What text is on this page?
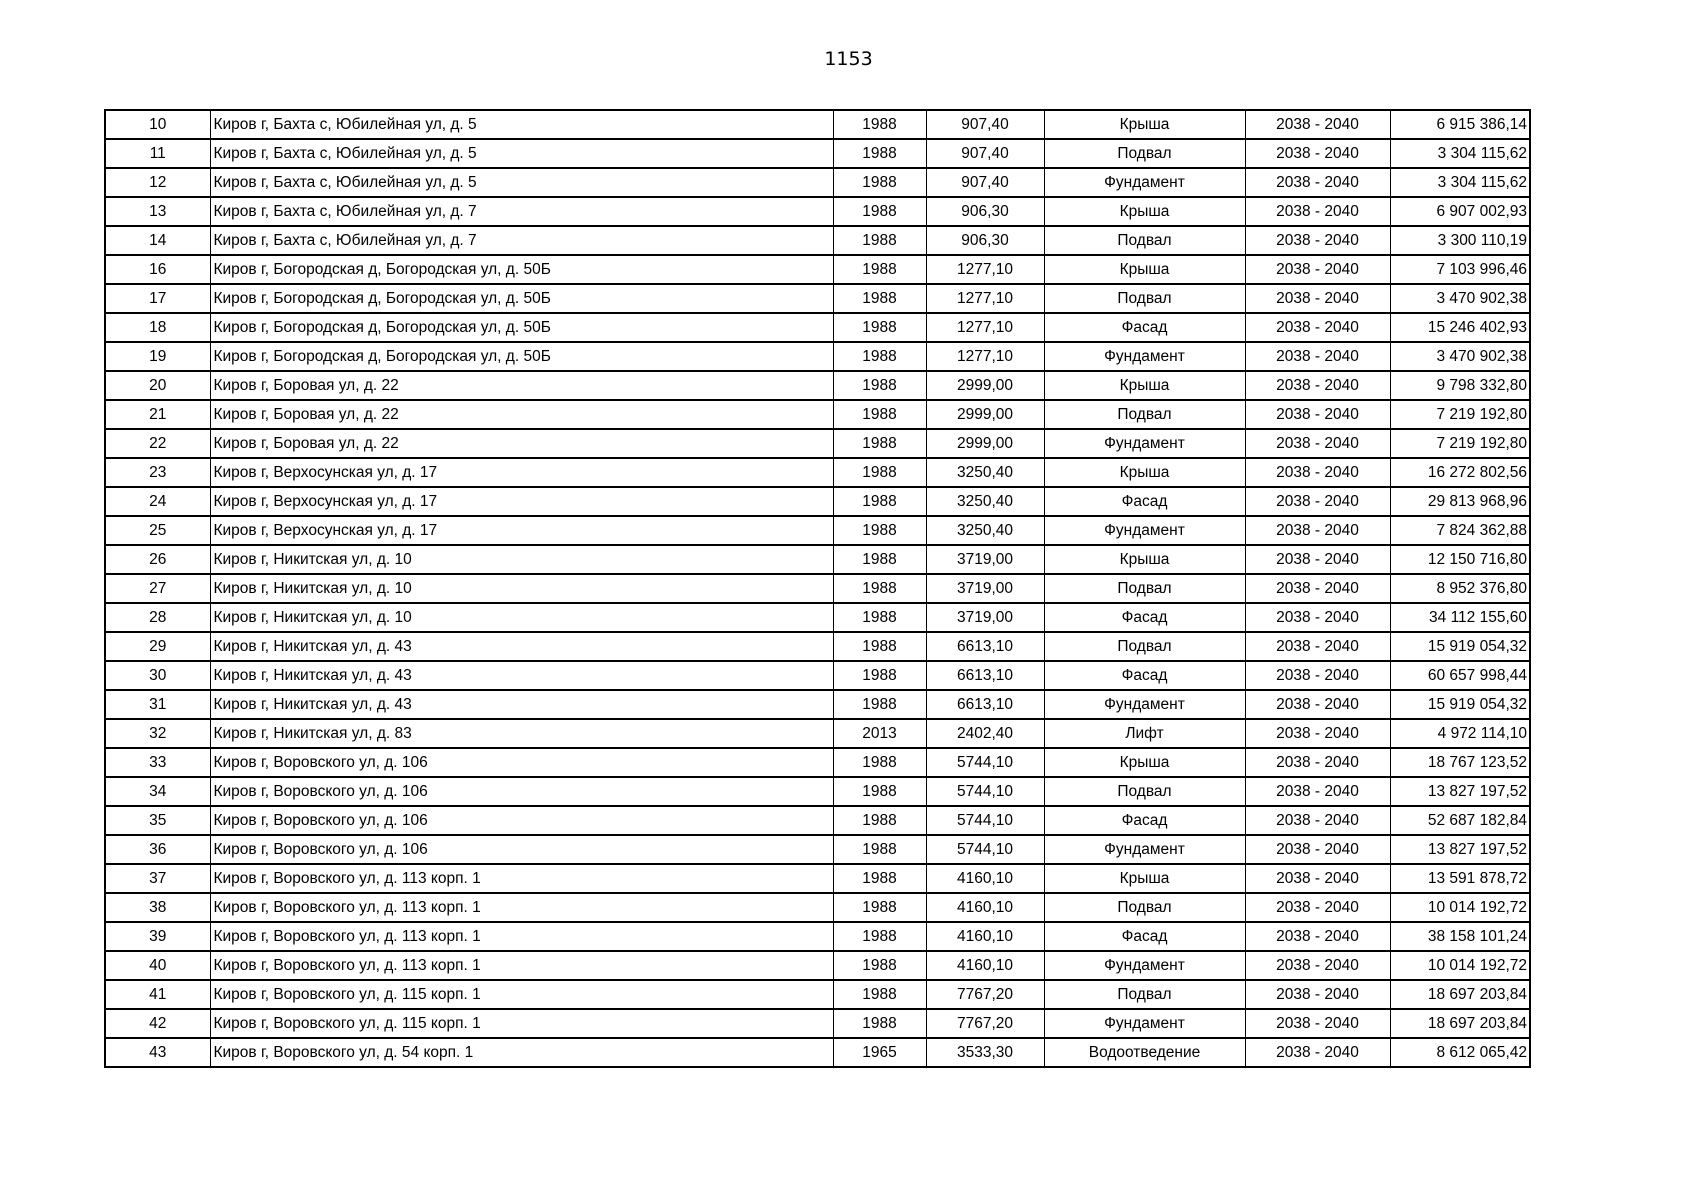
1153
10	Киров г, Бахта с, Юбилейная ул, д. 5	1988	907,40	Крыша	2038 - 2040	6 915 386,14
11	Киров г, Бахта с, Юбилейная ул, д. 5	1988	907,40	Подвал	2038 - 2040	3 304 115,62
12	Киров г, Бахта с, Юбилейная ул, д. 5	1988	907,40	Фундамент	2038 - 2040	3 304 115,62
13	Киров г, Бахта с, Юбилейная ул, д. 7	1988	906,30	Крыша	2038 - 2040	6 907 002,93
14	Киров г, Бахта с, Юбилейная ул, д. 7	1988	906,30	Подвал	2038 - 2040	3 300 110,19
16	Киров г, Богородская д, Богородская ул, д. 50Б	1988	1277,10	Крыша	2038 - 2040	7 103 996,46
17	Киров г, Богородская д, Богородская ул, д. 50Б	1988	1277,10	Подвал	2038 - 2040	3 470 902,38
18	Киров г, Богородская д, Богородская ул, д. 50Б	1988	1277,10	Фасад	2038 - 2040	15 246 402,93
19	Киров г, Богородская д, Богородская ул, д. 50Б	1988	1277,10	Фундамент	2038 - 2040	3 470 902,38
20	Киров г, Боровая ул, д. 22	1988	2999,00	Крыша	2038 - 2040	9 798 332,80
21	Киров г, Боровая ул, д. 22	1988	2999,00	Подвал	2038 - 2040	7 219 192,80
22	Киров г, Боровая ул, д. 22	1988	2999,00	Фундамент	2038 - 2040	7 219 192,80
23	Киров г, Верхосунская ул, д. 17	1988	3250,40	Крыша	2038 - 2040	16 272 802,56
24	Киров г, Верхосунская ул, д. 17	1988	3250,40	Фасад	2038 - 2040	29 813 968,96
25	Киров г, Верхосунская ул, д. 17	1988	3250,40	Фундамент	2038 - 2040	7 824 362,88
26	Киров г, Никитская ул, д. 10	1988	3719,00	Крыша	2038 - 2040	12 150 716,80
27	Киров г, Никитская ул, д. 10	1988	3719,00	Подвал	2038 - 2040	8 952 376,80
28	Киров г, Никитская ул, д. 10	1988	3719,00	Фасад	2038 - 2040	34 112 155,60
29	Киров г, Никитская ул, д. 43	1988	6613,10	Подвал	2038 - 2040	15 919 054,32
30	Киров г, Никитская ул, д. 43	1988	6613,10	Фасад	2038 - 2040	60 657 998,44
31	Киров г, Никитская ул, д. 43	1988	6613,10	Фундамент	2038 - 2040	15 919 054,32
32	Киров г, Никитская ул, д. 83	2013	2402,40	Лифт	2038 - 2040	4 972 114,10
33	Киров г, Воровского ул, д. 106	1988	5744,10	Крыша	2038 - 2040	18 767 123,52
34	Киров г, Воровского ул, д. 106	1988	5744,10	Подвал	2038 - 2040	13 827 197,52
35	Киров г, Воровского ул, д. 106	1988	5744,10	Фасад	2038 - 2040	52 687 182,84
36	Киров г, Воровского ул, д. 106	1988	5744,10	Фундамент	2038 - 2040	13 827 197,52
37	Киров г, Воровского ул, д. 113 корп. 1	1988	4160,10	Крыша	2038 - 2040	13 591 878,72
38	Киров г, Воровского ул, д. 113 корп. 1	1988	4160,10	Подвал	2038 - 2040	10 014 192,72
39	Киров г, Воровского ул, д. 113 корп. 1	1988	4160,10	Фасад	2038 - 2040	38 158 101,24
40	Киров г, Воровского ул, д. 113 корп. 1	1988	4160,10	Фундамент	2038 - 2040	10 014 192,72
41	Киров г, Воровского ул, д. 115 корп. 1	1988	7767,20	Подвал	2038 - 2040	18 697 203,84
42	Киров г, Воровского ул, д. 115 корп. 1	1988	7767,20	Фундамент	2038 - 2040	18 697 203,84
43	Киров г, Воровского ул, д. 54 корп. 1	1965	3533,30	Водоотведение	2038 - 2040	8 612 065,42
